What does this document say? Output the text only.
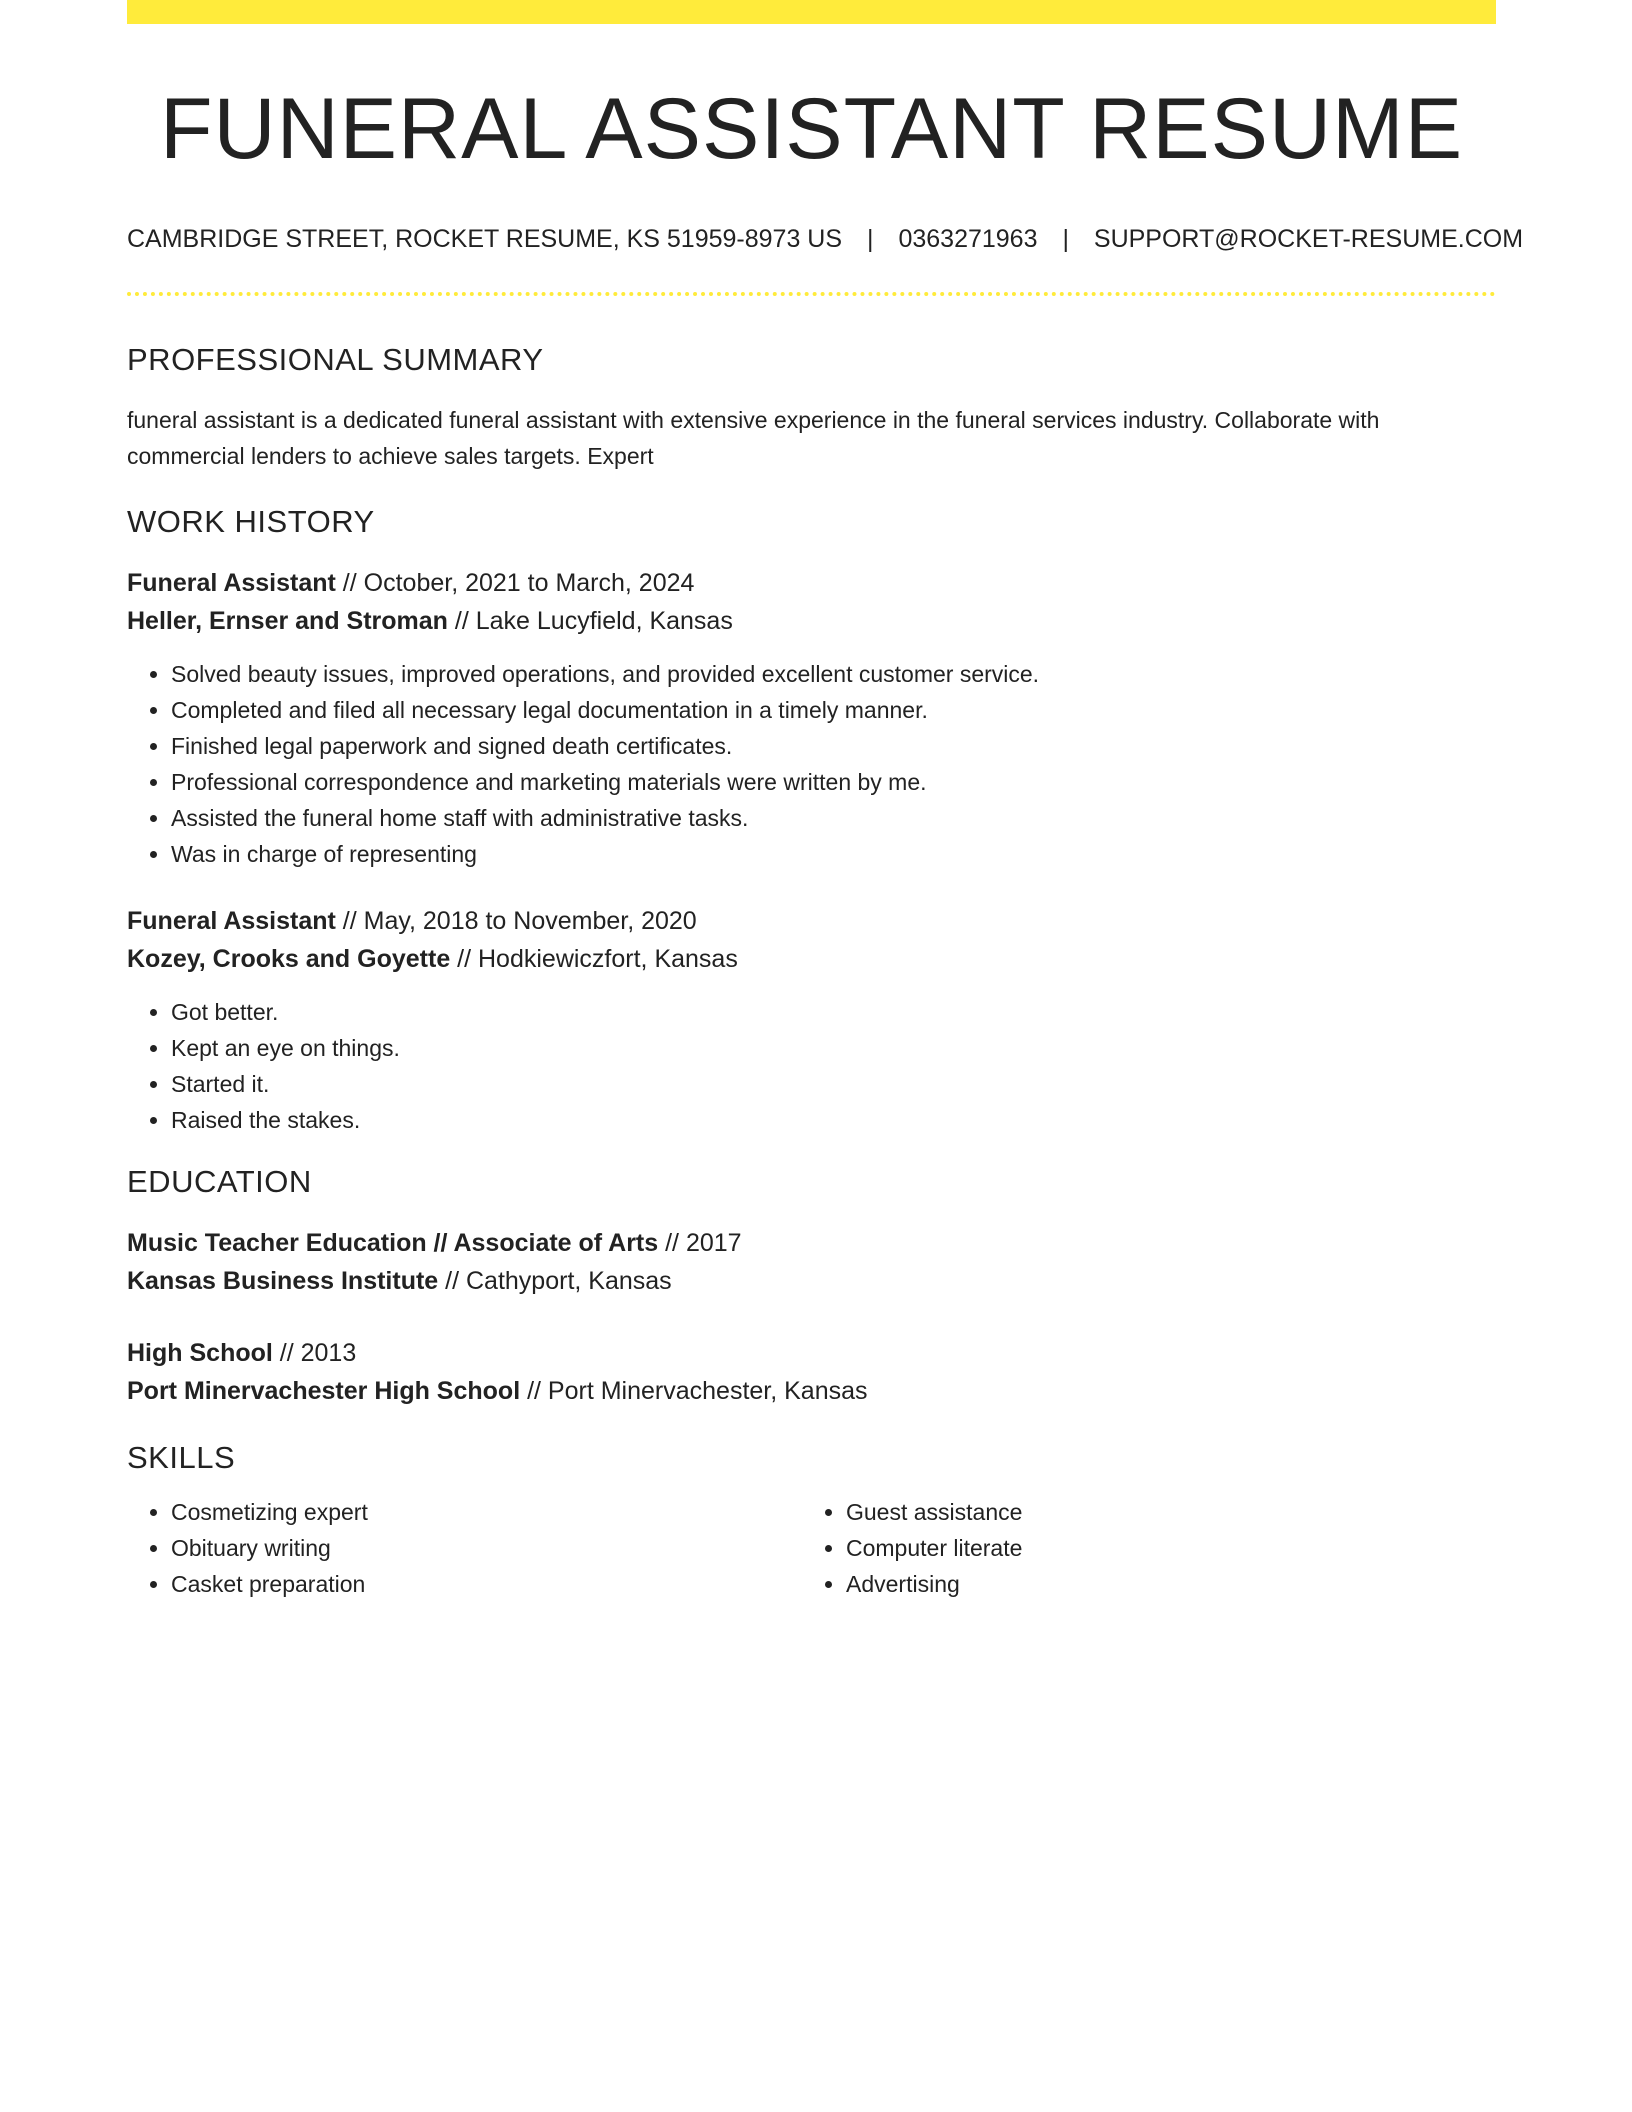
FUNERAL ASSISTANT RESUME
CAMBRIDGE STREET, ROCKET RESUME, KS 51959-8973 US | 0363271963 | SUPPORT@ROCKET-RESUME.COM
PROFESSIONAL SUMMARY
funeral assistant is a dedicated funeral assistant with extensive experience in the funeral services industry. Collaborate with commercial lenders to achieve sales targets. Expert
WORK HISTORY
Funeral Assistant // October, 2021 to March, 2024
Heller, Ernser and Stroman // Lake Lucyfield, Kansas
• Solved beauty issues, improved operations, and provided excellent customer service.
• Completed and filed all necessary legal documentation in a timely manner.
• Finished legal paperwork and signed death certificates.
• Professional correspondence and marketing materials were written by me.
• Assisted the funeral home staff with administrative tasks.
• Was in charge of representing
Funeral Assistant // May, 2018 to November, 2020
Kozey, Crooks and Goyette // Hodkiewiczfort, Kansas
• Got better.
• Kept an eye on things.
• Started it.
• Raised the stakes.
EDUCATION
Music Teacher Education // Associate of Arts // 2017
Kansas Business Institute // Cathyport, Kansas
High School // 2013
Port Minervachester High School // Port Minervachester, Kansas
SKILLS
• Cosmetizing expert
• Obituary writing
• Casket preparation
• Guest assistance
• Computer literate
• Advertising
